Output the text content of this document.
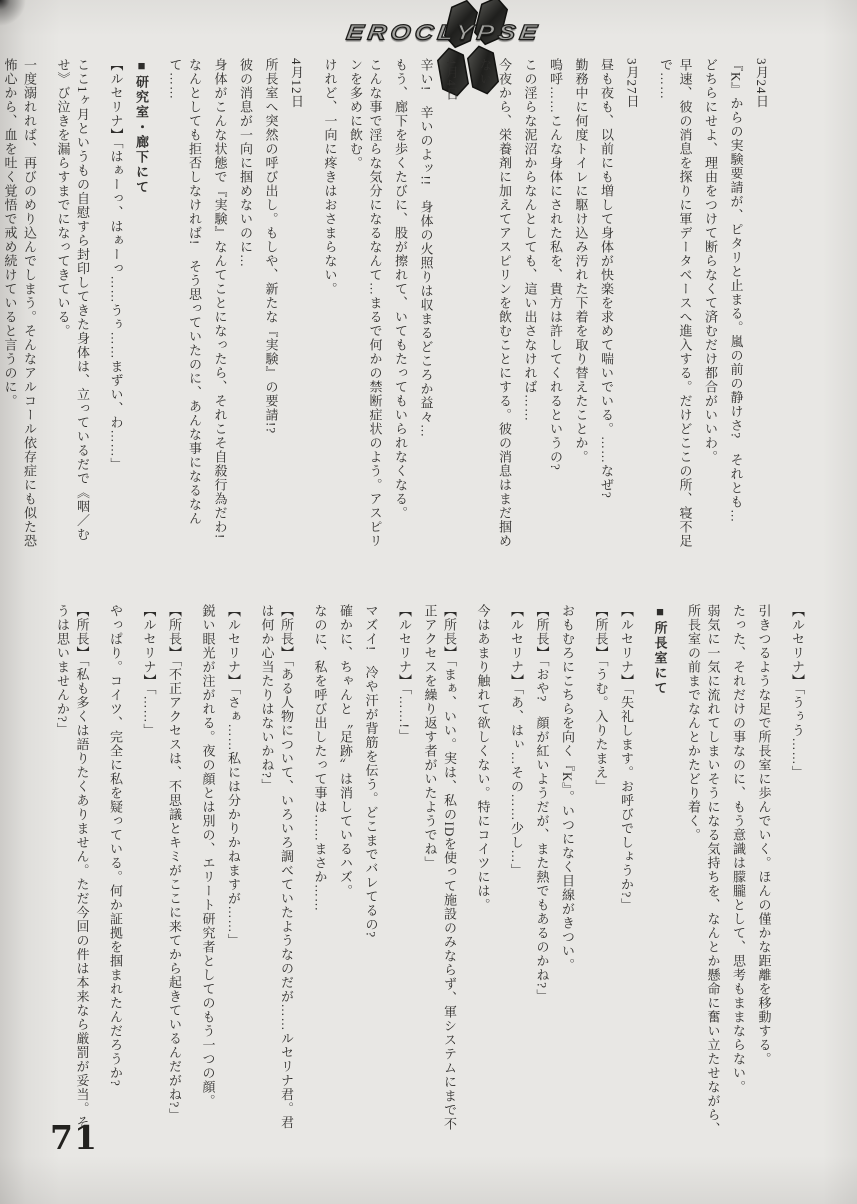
EROCLYPSE

3月24日

『K』からの実験要請が、ピタリと止まる。嵐の前の静けさ?　それとも…

どちらにせよ、理由をつけて断らなくて済むだけ都合がいいわ。

早速、彼の消息を探りに軍データベースへ進入する。だけどここの所、寝不足で……

3月27日

昼も夜も、以前にも増して身体が快楽を求めて喘いでいる。……なぜ?

勤務中に何度トイレに駆け込み汚れた下着を取り替えたことか。

嗚呼……こんな身体にされた私を、貴方は許してくれるというの?

この淫らな泥沼からなんとしても、這い出さなければ……

今夜から、栄養剤に加えてアスピリンを飲むことにする。彼の消息はまだ掴めない。

4月4日

辛い!　辛いのよッ!!　身体の火照りは収まるどころか益々…

もう、廊下を歩くたびに、股が擦れて、いてもたってもいられなくなる。

こんな事で淫らな気分になるなんて…まるで何かの禁断症状のよう。アスピリンを多めに飲む。

けれど、一向に疼きはおさまらない。

4月12日

所長室へ突然の呼び出し。もしや、新たな『実験』の要請!?

彼の消息が一向に掴めないのに…

身体がこんな状態で『実験』なんてことになったら、それこそ自殺行為だわ!

なんとしても拒否しなければ!　そう思っていたのに、あんな事になるなんて……

■研究室・廊下にて

【ルセリナ】「はぁーっ、はぁーっ……うぅ……まずい、わ……」

ここ1ヶ月というもの自慰すら封印してきた身体は、立っているだで《咽／むせ》び泣きを漏らすまでになってきている。

一度溺れれば、再びのめり込んでしまう。そんなアルコール依存症にも似た恐怖心から、血を吐く覚悟で戒め続けていると言うのに。

【ルセリナ】「うぅう……」

引きつるような足で所長室に歩んでいく。ほんの僅かな距離を移動する。

たった、それだけの事なのに、もう意識は朦朧として、思考もままならない。

弱気に一気に流れてしまいそうになる気持ちを、なんとか懸命に奮い立たせながら、所長室の前までなんとかたどり着く。

■所長室にて

【ルセリナ】「失礼します。お呼びでしょうか?」

【所長】「うむ。入りたまえ」

おもむろにこちらを向く『K』。いつになく目線がきつい。

【所長】「おや?　顔が紅いようだが、また熱でもあるのかね?」

【ルセリナ】「あ、はぃ…その……少し…」

今はあまり触れて欲しくない。特にコイツには。

【所長】「まぁ、いい。実は、私のIDを使って施設のみならず、軍システムにまで不正アクセスを繰り返す者がいたようでね」

【ルセリナ】「……!」

マズイ!　冷や汗が背筋を伝う。どこまでバレてるの?

確かに、ちゃんと〝足跡〟は消しているハズ。

なのに、私を呼び出したって事は……まさか……

【所長】「ある人物について、いろいろ調べていたようなのだが……ルセリナ君。君は何か心当たりはないかね?」

【ルセリナ】「さぁ……私には分かりかねますが……」

鋭い眼光が注がれる。夜の顔とは別の、エリート研究者としてのもう一つの顔。

【所長】「不正アクセスは、不思議とキミがここに来てから起きているんだがね?」

【ルセリナ】「……」

やっぱり。コイツ、完全に私を疑っている。何か証拠を掴まれたんだろうか?

【所長】「私も多くは語りたくありません。ただ今回の件は本来なら厳罰が妥当。そうは思いませんか?」

71
